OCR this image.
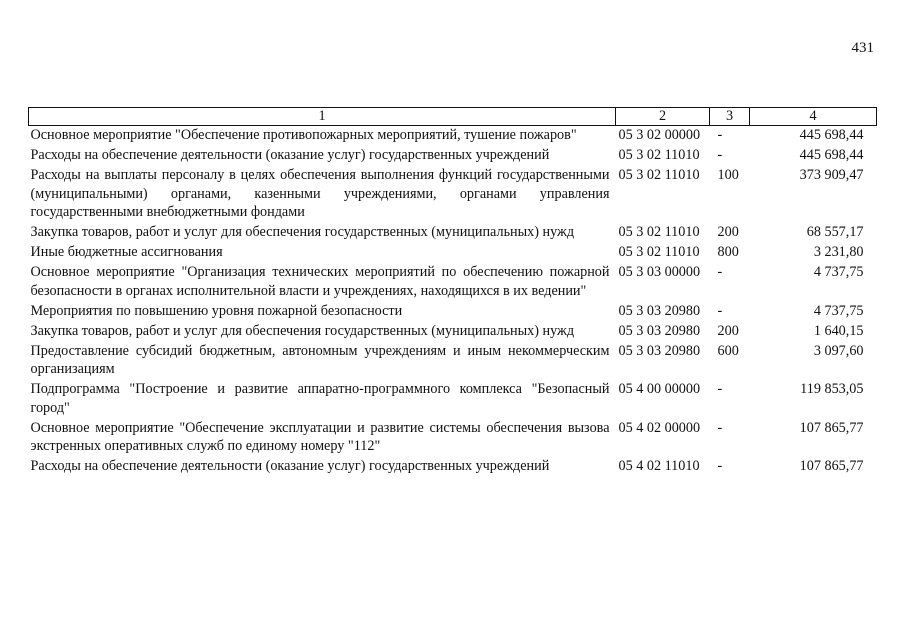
431
1	2	3	4
Основное мероприятие "Обеспечение противопожарных мероприятий, тушение пожаров"	05 3 02 00000	-	445 698,44
Расходы на обеспечение деятельности (оказание услуг) государственных учреждений	05 3 02 11010	-	445 698,44
Расходы на выплаты персоналу в целях обеспечения выполнения функций государственными (муниципальными) органами, казенными учреждениями, органами управления государственными внебюджетными фондами	05 3 02 11010	100	373 909,47
Закупка товаров, работ и услуг для обеспечения государственных (муниципальных) нужд	05 3 02 11010	200	68 557,17
Иные бюджетные ассигнования	05 3 02 11010	800	3 231,80
Основное мероприятие "Организация технических мероприятий по обеспечению пожарной безопасности в органах исполнительной власти и учреждениях, находящихся в их ведении"	05 3 03 00000	-	4 737,75
Мероприятия по повышению уровня пожарной безопасности	05 3 03 20980	-	4 737,75
Закупка товаров, работ и услуг для обеспечения государственных (муниципальных) нужд	05 3 03 20980	200	1 640,15
Предоставление субсидий бюджетным, автономным учреждениям и иным некоммерческим организациям	05 3 03 20980	600	3 097,60
Подпрограмма "Построение и развитие аппаратно-программного комплекса "Безопасный город"	05 4 00 00000	-	119 853,05
Основное мероприятие "Обеспечение эксплуатации и развитие системы обеспечения вызова экстренных оперативных служб по единому номеру "112"	05 4 02 00000	-	107 865,77
Расходы на обеспечение деятельности (оказание услуг) государственных учреждений	05 4 02 11010	-	107 865,77
